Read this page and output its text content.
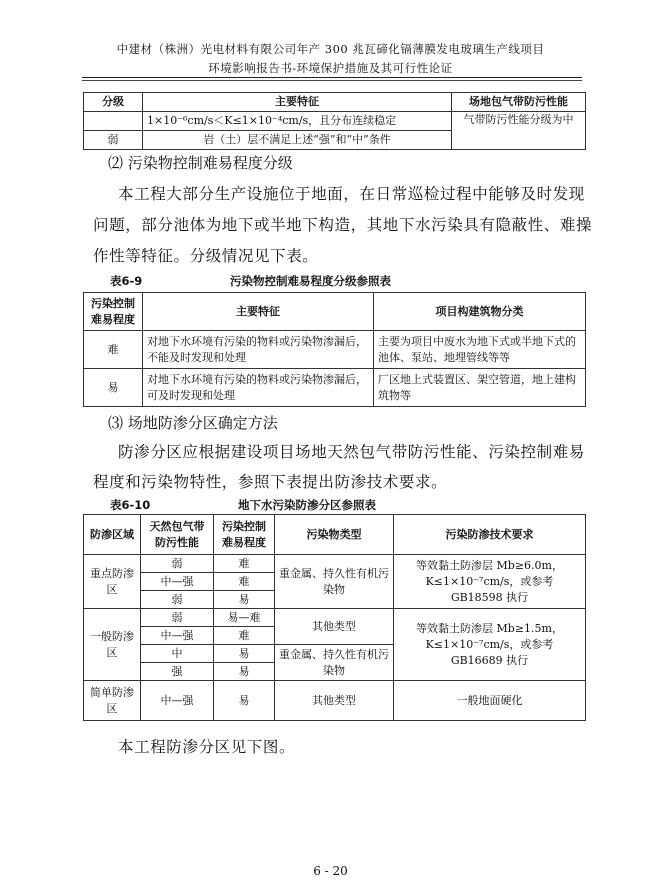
中建材（株洲）光电材料有限公司年产 300 兆瓦碲化镉薄膜发电玻璃生产线项目
环境影响报告书-环境保护措施及其可行性论证
分级	主要特征	场地包气带防污性能
	1×10⁻⁶cm/s＜K≤1×10⁻⁴cm/s，且分布连续稳定	气带防污性能分级为中
弱	岩（土）层不满足上述“强”和“中”条件	
⑵ 污染物控制难易程度分级
本工程大部分生产设施位于地面，在日常巡检过程中能够及时发现
问题，部分池体为地下或半地下构造，其地下水污染具有隐蔽性、难操
作性等特征。分级情况见下表。
表6-9	污染物控制难易程度分级参照表
污染控制难易程度	主要特征	项目构建筑物分类
难	对地下水环境有污染的物料或污染物渗漏后，不能及时发现和处理	主要为项目中废水为地下式或半地下式的池体、泵站、地埋管线等等
易	对地下水环境有污染的物料或污染物渗漏后，可及时发现和处理	厂区地上式装置区、架空管道，地上建构筑物等
⑶ 场地防渗分区确定方法
防渗分区应根据建设项目场地天然包气带防污性能、污染控制难易
程度和污染物特性，参照下表提出防渗技术要求。
表6-10	地下水污染防渗分区参照表
防渗区域	天然包气带防污性能	污染控制难易程度	污染物类型	污染防渗技术要求
重点防渗区	弱	难	重金属、持久性有机污染物	等效黏土防渗层 Mb≥6.0m，
K≤1×10⁻⁷cm/s，或参考 GB18598 执行

	中—强	难		
	弱	易		
一般防渗区	弱	易—难	其他类型	等效黏土防渗层 Mb≥1.5m，
K≤1×10⁻⁷cm/s，或参考 GB16689 执行

	中—强	难		
	中	易	重金属、持久性有机污染物	
	强	易		
简单防渗区	中—强	易	其他类型	一般地面硬化
本工程防渗分区见下图。
6 - 20
